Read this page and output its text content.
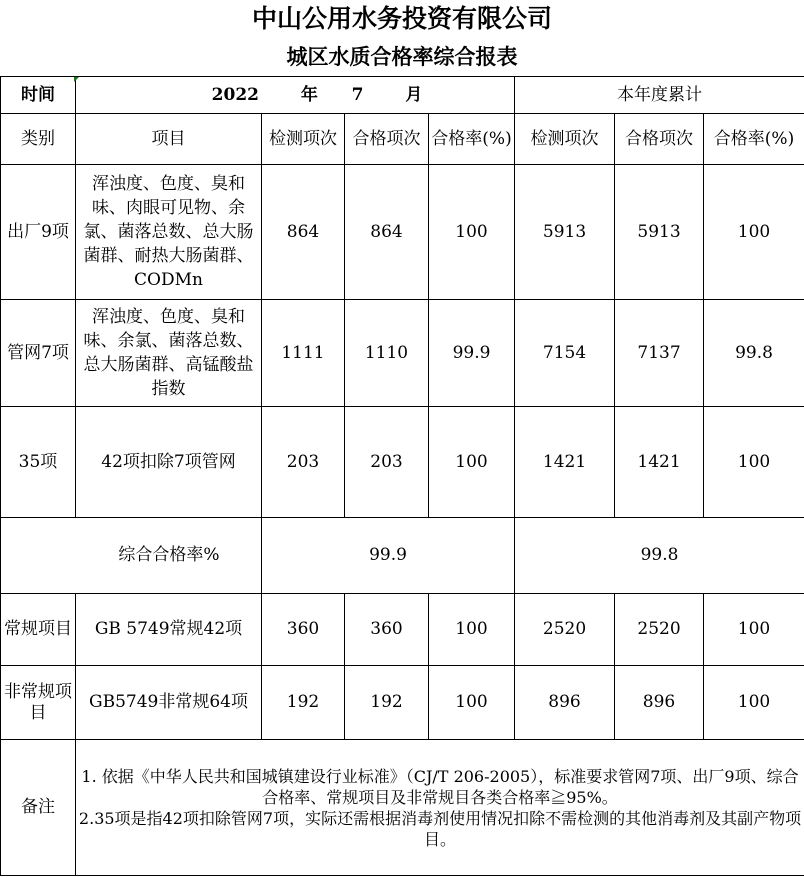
中山公用水务投资有限公司
城区水质合格率综合报表
时间	2022 年 7 月				本年度累计		
类别	项目	检测项次	合格项次	合格率(%)	检测项次	合格项次	合格率(%)
出厂9项	浑浊度、色度、臭和味、肉眼可见物、余氯、菌落总数、总大肠菌群、耐热大肠菌群、CODMn	864	864	100	5913	5913	100
管网7项	浑浊度、色度、臭和味、余氯、菌落总数、总大肠菌群、高锰酸盐指数	1111	1110	99.9	7154	7137	99.8
35项	42项扣除7项管网	203	203	100	1421	1421	100
综合合格率%		99.9			99.8		
常规项目	GB 5749常规42项	360	360	100	2520	2520	100
非常规项目	GB5749非常规64项	192	192	100	896	896	100
备注	1. 依据《中华人民共和国城镇建设行业标准》（CJ/T 206-2005），标准要求管网7项、出厂9项、综合合格率、常规项目及非常规目各类合格率≧95%。
2.35项是指42项扣除管网7项，实际还需根据消毒剂使用情况扣除不需检测的其他消毒剂及其副产物项目。						
